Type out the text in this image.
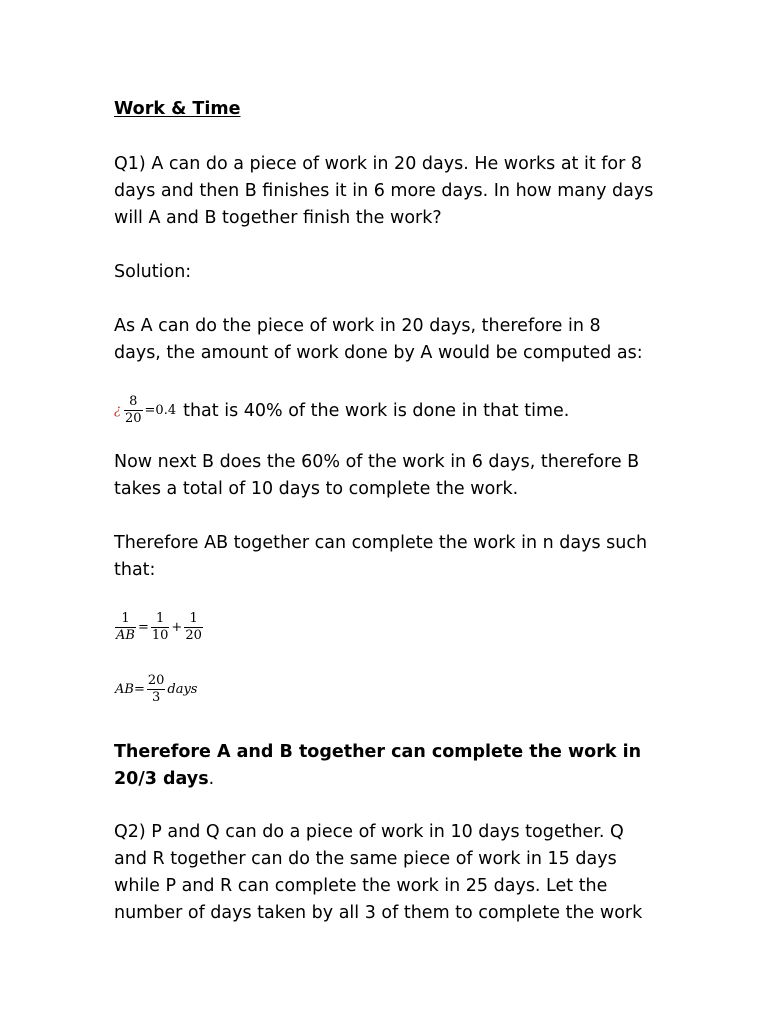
Work & Time
Q1) A can do a piece of work in 20 days. He works at it for 8
days and then B finishes it in 6 more days. In how many days
will A and B together finish the work?
Solution:
As A can do the piece of work in 20 days, therefore in 8
days, the amount of work done by A would be computed as:
¿ $\frac{8}{20} =0.4$ that is 40% of the work is done in that time.
Now next B does the 60% of the work in 6 days, therefore B
takes a total of 10 days to complete the work.
Therefore AB together can complete the work in n days such
that:
$\frac{1}{AB} = \frac{1}{10} + \frac{1}{20}$
$AB= \frac{20}{3}$ days
Therefore A and B together can complete the work in
20/3 days.
Q2) P and Q can do a piece of work in 10 days together. Q
and R together can do the same piece of work in 15 days
while P and R can complete the work in 25 days. Let the
number of days taken by all 3 of them to complete the work
